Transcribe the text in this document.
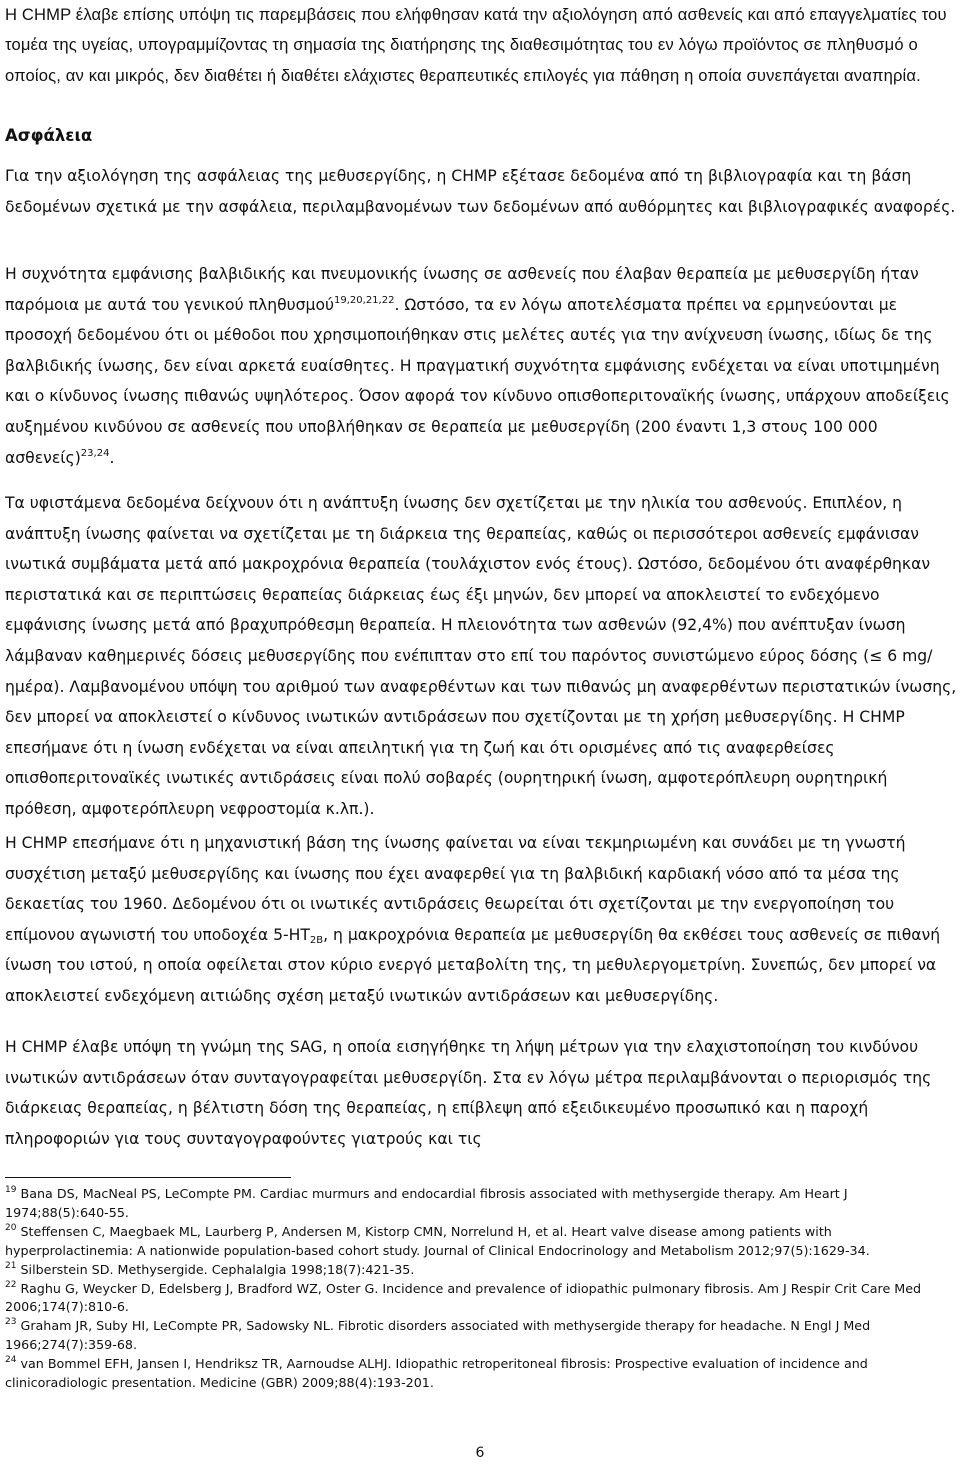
Η CHMP έλαβε επίσης υπόψη τις παρεμβάσεις που ελήφθησαν κατά την αξιολόγηση από ασθενείς και από επαγγελματίες του τομέα της υγείας, υπογραμμίζοντας τη σημασία της διατήρησης της διαθεσιμότητας του εν λόγω προϊόντος σε πληθυσμό ο οποίος, αν και μικρός, δεν διαθέτει ή διαθέτει ελάχιστες θεραπευτικές επιλογές για πάθηση η οποία συνεπάγεται αναπηρία.

Ασφάλεια

Για την αξιολόγηση της ασφάλειας της μεθυσεργίδης, η CHMP εξέτασε δεδομένα από τη βιβλιογραφία και τη βάση δεδομένων σχετικά με την ασφάλεια, περιλαμβανομένων των δεδομένων από αυθόρμητες και βιβλιογραφικές αναφορές.

Η συχνότητα εμφάνισης βαλβιδικής και πνευμονικής ίνωσης σε ασθενείς που έλαβαν θεραπεία με μεθυσεργίδη ήταν παρόμοια με αυτά του γενικού πληθυσμού$^{19,20,21,22}$. Ωστόσο, τα εν λόγω αποτελέσματα πρέπει να ερμηνεύονται με προσοχή δεδομένου ότι οι μέθοδοι που χρησιμοποιήθηκαν στις μελέτες αυτές για την ανίχνευση ίνωσης, ιδίως δε της βαλβιδικής ίνωσης, δεν είναι αρκετά ευαίσθητες. Η πραγματική συχνότητα εμφάνισης ενδέχεται να είναι υποτιμημένη και ο κίνδυνος ίνωσης πιθανώς υψηλότερος. Όσον αφορά τον κίνδυνο οπισθοπεριτοναϊκής ίνωσης, υπάρχουν αποδείξεις αυξημένου κινδύνου σε ασθενείς που υποβλήθηκαν σε θεραπεία με μεθυσεργίδη (200 έναντι 1,3 στους 100 000 ασθενείς)$^{23,24}$.

Τα υφιστάμενα δεδομένα δείχνουν ότι η ανάπτυξη ίνωσης δεν σχετίζεται με την ηλικία του ασθενούς. Επιπλέον, η ανάπτυξη ίνωσης φαίνεται να σχετίζεται με τη διάρκεια της θεραπείας, καθώς οι περισσότεροι ασθενείς εμφάνισαν ινωτικά συμβάματα μετά από μακροχρόνια θεραπεία (τουλάχιστον ενός έτους). Ωστόσο, δεδομένου ότι αναφέρθηκαν περιστατικά και σε περιπτώσεις θεραπείας διάρκειας έως έξι μηνών, δεν μπορεί να αποκλειστεί το ενδεχόμενο εμφάνισης ίνωσης μετά από βραχυπρόθεσμη θεραπεία. Η πλειονότητα των ασθενών (92,4%) που ανέπτυξαν ίνωση λάμβαναν καθημερινές δόσεις μεθυσεργίδης που ενέπιπταν στο επί του παρόντος συνιστώμενο εύρος δόσης (≤ 6 mg/ημέρα). Λαμβανομένου υπόψη του αριθμού των αναφερθέντων και των πιθανώς μη αναφερθέντων περιστατικών ίνωσης, δεν μπορεί να αποκλειστεί ο κίνδυνος ινωτικών αντιδράσεων που σχετίζονται με τη χρήση μεθυσεργίδης. Η CHMP επεσήμανε ότι η ίνωση ενδέχεται να είναι απειλητική για τη ζωή και ότι ορισμένες από τις αναφερθείσες οπισθοπεριτοναϊκές ινωτικές αντιδράσεις είναι πολύ σοβαρές (ουρητηρική ίνωση, αμφοτερόπλευρη ουρητηρική πρόθεση, αμφοτερόπλευρη νεφροστομία κ.λπ.).

Η CHMP επεσήμανε ότι η μηχανιστική βάση της ίνωσης φαίνεται να είναι τεκμηριωμένη και συνάδει με τη γνωστή συσχέτιση μεταξύ μεθυσεργίδης και ίνωσης που έχει αναφερθεί για τη βαλβιδική καρδιακή νόσο από τα μέσα της δεκαετίας του 1960. Δεδομένου ότι οι ινωτικές αντιδράσεις θεωρείται ότι σχετίζονται με την ενεργοποίηση του επίμονου αγωνιστή του υποδοχέα $5-HT_{2B}$, η μακροχρόνια θεραπεία με μεθυσεργίδη θα εκθέσει τους ασθενείς σε πιθανή ίνωση του ιστού, η οποία οφείλεται στον κύριο ενεργό μεταβολίτη της, τη μεθυλεργομετρίνη. Συνεπώς, δεν μπορεί να αποκλειστεί ενδεχόμενη αιτιώδης σχέση μεταξύ ινωτικών αντιδράσεων και μεθυσεργίδης.

Η CHMP έλαβε υπόψη τη γνώμη της SAG, η οποία εισηγήθηκε τη λήψη μέτρων για την ελαχιστοποίηση του κινδύνου ινωτικών αντιδράσεων όταν συνταγογραφείται μεθυσεργίδη. Στα εν λόγω μέτρα περιλαμβάνονται ο περιορισμός της διάρκειας θεραπείας, η βέλτιστη δόση της θεραπείας, η επίβλεψη από εξειδικευμένο προσωπικό και η παροχή πληροφοριών για τους συνταγογραφούντες γιατρούς και τις

$^{19}$ Bana DS, MacNeal PS, LeCompte PM. Cardiac murmurs and endocardial fibrosis associated with methysergide therapy. Am Heart J 1974;88(5):640-55.

$^{20}$ Steffensen C, Maegbaek ML, Laurberg P, Andersen M, Kistorp CMN, Norrelund H, et al. Heart valve disease among patients with hyperprolactinemia: A nationwide population-based cohort study. Journal of Clinical Endocrinology and Metabolism 2012;97(5):1629-34.

$^{21}$ Silberstein SD. Methysergide. Cephalalgia 1998;18(7):421-35.

$^{22}$ Raghu G, Weycker D, Edelsberg J, Bradford WZ, Oster G. Incidence and prevalence of idiopathic pulmonary fibrosis. Am J Respir Crit Care Med 2006;174(7):810-6.

$^{23}$ Graham JR, Suby HI, LeCompte PR, Sadowsky NL. Fibrotic disorders associated with methysergide therapy for headache. N Engl J Med 1966;274(7):359-68.

$^{24}$ van Bommel EFH, Jansen I, Hendriksz TR, Aarnoudse ALHJ. Idiopathic retroperitoneal fibrosis: Prospective evaluation of incidence and clinicoradiologic presentation. Medicine (GBR) 2009;88(4):193-201.

6
